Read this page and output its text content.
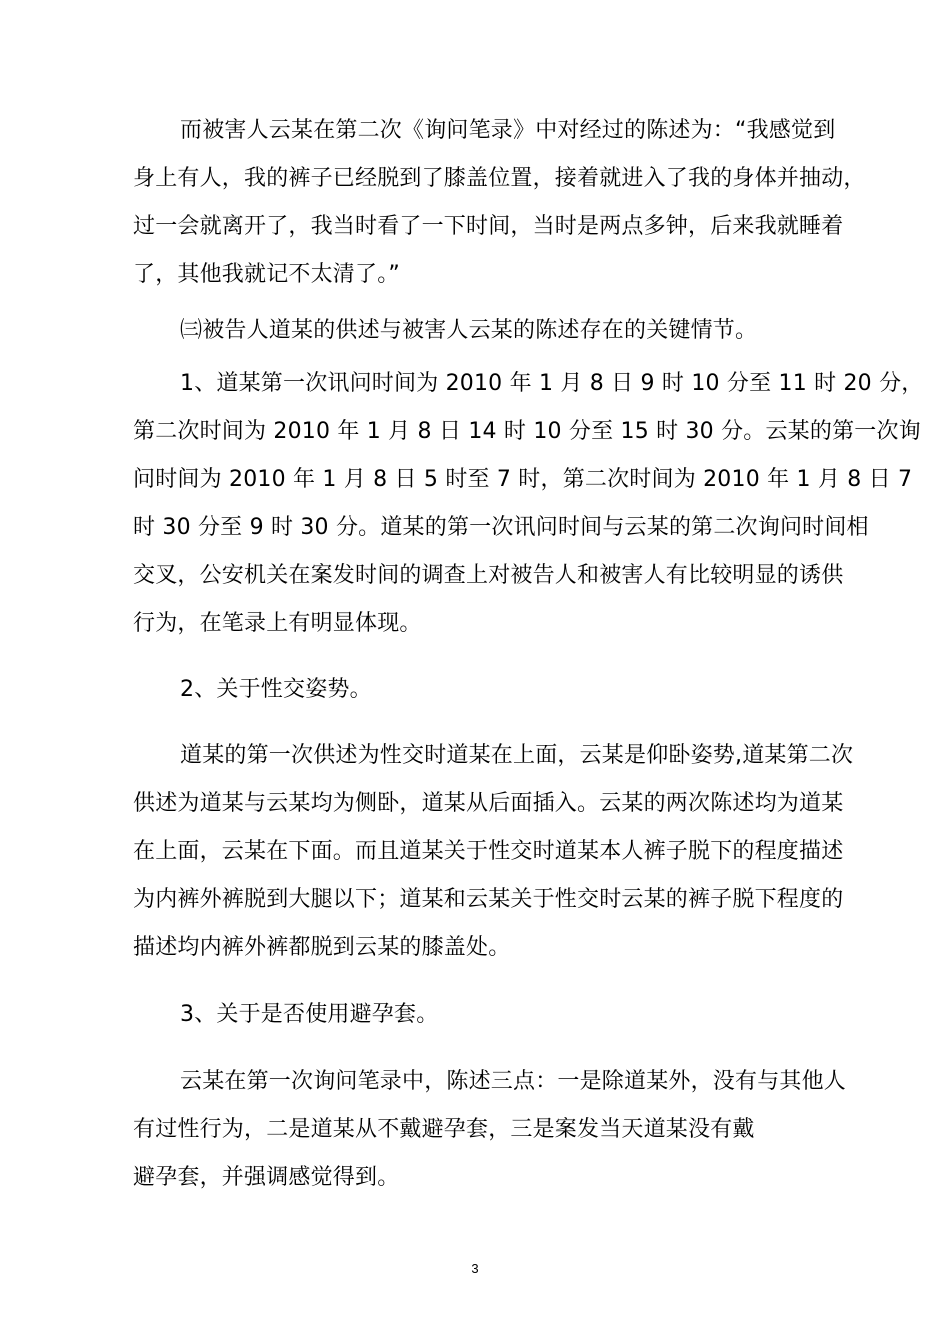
而被害人云某在第二次《询问笔录》中对经过的陈述为：“我感觉到
身上有人，我的裤子已经脱到了膝盖位置，接着就进入了我的身体并抽动，
过一会就离开了，我当时看了一下时间，当时是两点多钟，后来我就睡着
了，其他我就记不太清了。”
㈢被告人道某的供述与被害人云某的陈述存在的关键情节。
1、道某第一次讯问时间为 2010 年 1 月 8 日 9 时 10 分至 11 时 20 分，
第二次时间为 2010 年 1 月 8 日 14 时 10 分至 15 时 30 分。云某的第一次询
问时间为 2010 年 1 月 8 日 5 时至 7 时，第二次时间为 2010 年 1 月 8 日 7
时 30 分至 9 时 30 分。道某的第一次讯问时间与云某的第二次询问时间相
交叉，公安机关在案发时间的调查上对被告人和被害人有比较明显的诱供
行为，在笔录上有明显体现。
2、关于性交姿势。
道某的第一次供述为性交时道某在上面，云某是仰卧姿势,道某第二次
供述为道某与云某均为侧卧，道某从后面插入。云某的两次陈述均为道某
在上面，云某在下面。而且道某关于性交时道某本人裤子脱下的程度描述
为内裤外裤脱到大腿以下；道某和云某关于性交时云某的裤子脱下程度的
描述均内裤外裤都脱到云某的膝盖处。
3、关于是否使用避孕套。
云某在第一次询问笔录中，陈述三点：一是除道某外，没有与其他人
有过性行为，二是道某从不戴避孕套，三是案发当天道某没有戴
避孕套，并强调感觉得到。
3
